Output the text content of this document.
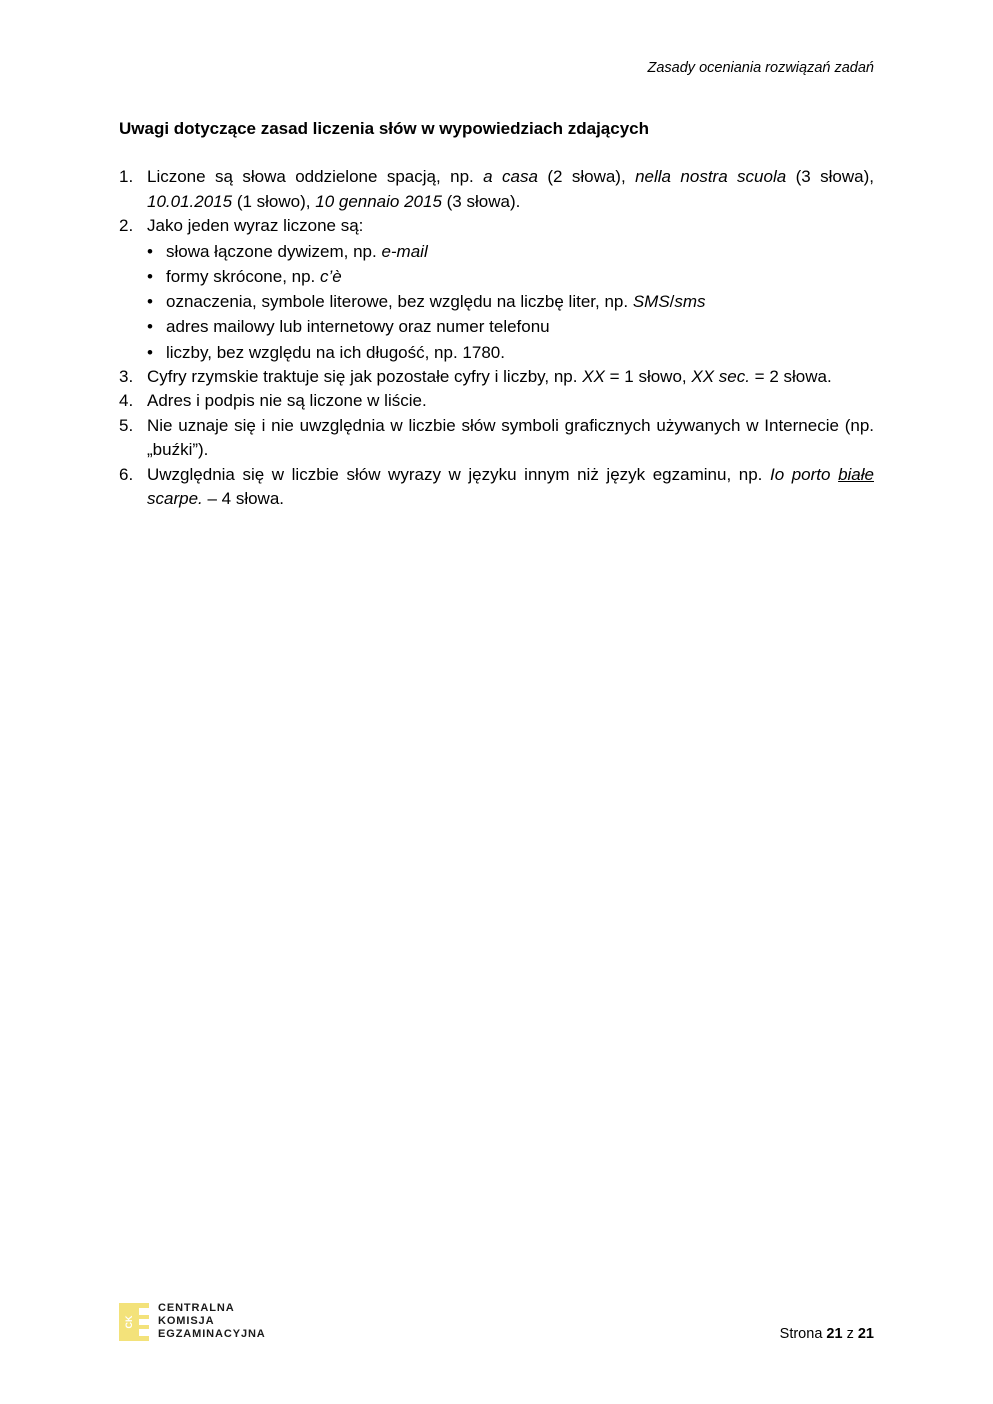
Zasady oceniania rozwiązań zadań
Uwagi dotyczące zasad liczenia słów w wypowiedziach zdających
1. Liczone są słowa oddzielone spacją, np. a casa (2 słowa), nella nostra scuola (3 słowa), 10.01.2015 (1 słowo), 10 gennaio 2015 (3 słowa).
2. Jako jeden wyraz liczone są:
• słowa łączone dywizem, np. e-mail
• formy skrócone, np. c’è
• oznaczenia, symbole literowe, bez względu na liczbę liter, np. SMS/sms
• adres mailowy lub internetowy oraz numer telefonu
• liczby, bez względu na ich długość, np. 1780.
3. Cyfry rzymskie traktuje się jak pozostałe cyfry i liczby, np. XX = 1 słowo, XX sec. = 2 słowa.
4. Adres i podpis nie są liczone w liście.
5. Nie uznaje się i nie uwzględnia w liczbie słów symboli graficznych używanych w Internecie (np. „buźki”).
6. Uwzględnia się w liczbie słów wyrazy w języku innym niż język egzaminu, np. Io porto białe scarpe. – 4 słowa.
CK
CENTRALNA
KOMISJA
EGZAMINACYJNA	Strona 21 z 21
